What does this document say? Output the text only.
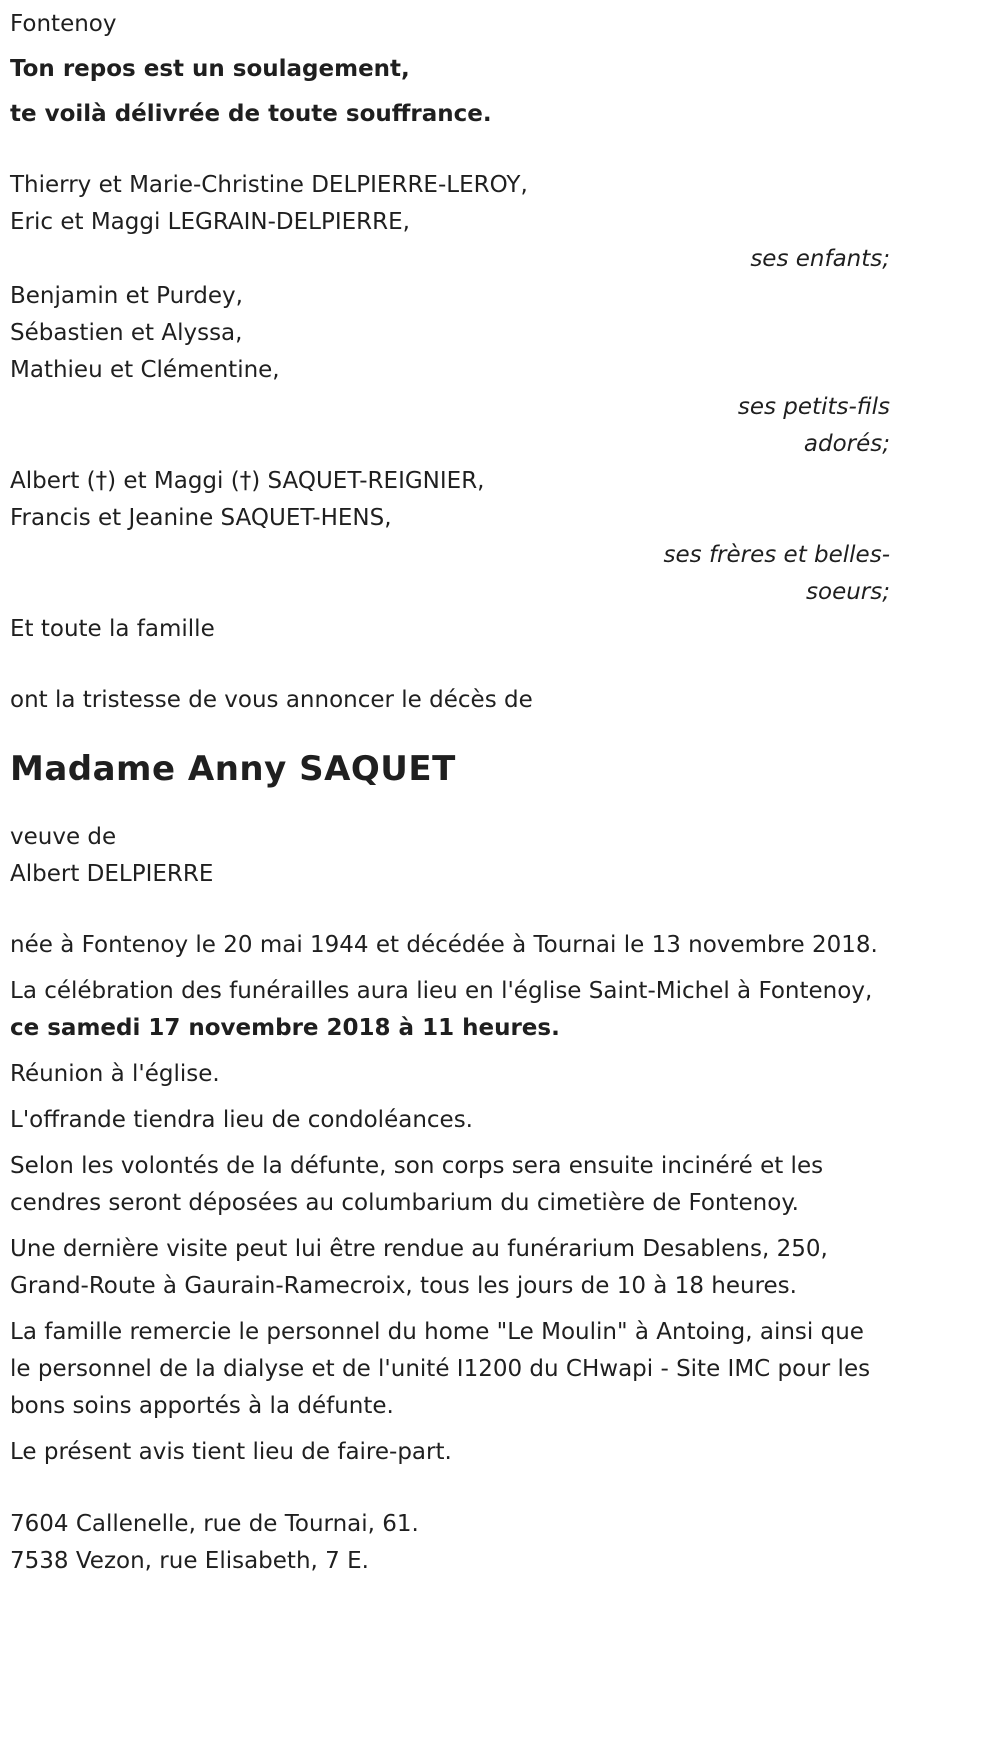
Fontenoy
Ton repos est un soulagement,
te voilà délivrée de toute souffrance.
Thierry et Marie-Christine DELPIERRE-LEROY,
Eric et Maggi LEGRAIN-DELPIERRE,
ses enfants;
Benjamin et Purdey,
Sébastien et Alyssa,
Mathieu et Clémentine,
ses petits-fils
adorés;
Albert (†) et Maggi (†) SAQUET-REIGNIER,
Francis et Jeanine SAQUET-HENS,
ses frères et belles-
soeurs;
Et toute la famille
ont la tristesse de vous annoncer le décès de
Madame Anny SAQUET
veuve de
Albert DELPIERRE

née à Fontenoy le 20 mai 1944 et décédée à Tournai le 13 novembre 2018.

La célébration des funérailles aura lieu en l'église Saint-Michel à Fontenoy, ce samedi 17 novembre 2018 à 11 heures.

Réunion à l'église.

L'offrande tiendra lieu de condoléances.

Selon les volontés de la défunte, son corps sera ensuite incinéré et les cendres seront déposées au columbarium du cimetière de Fontenoy.

Une dernière visite peut lui être rendue au funérarium Desablens, 250, Grand-Route à Gaurain-Ramecroix, tous les jours de 10 à 18 heures.

La famille remercie le personnel du home "Le Moulin" à Antoing, ainsi que le personnel de la dialyse et de l'unité I1200 du CHwapi - Site IMC pour les bons soins apportés à la défunte.

Le présent avis tient lieu de faire-part.

7604 Callenelle, rue de Tournai, 61.
7538 Vezon, rue Elisabeth, 7 E.
